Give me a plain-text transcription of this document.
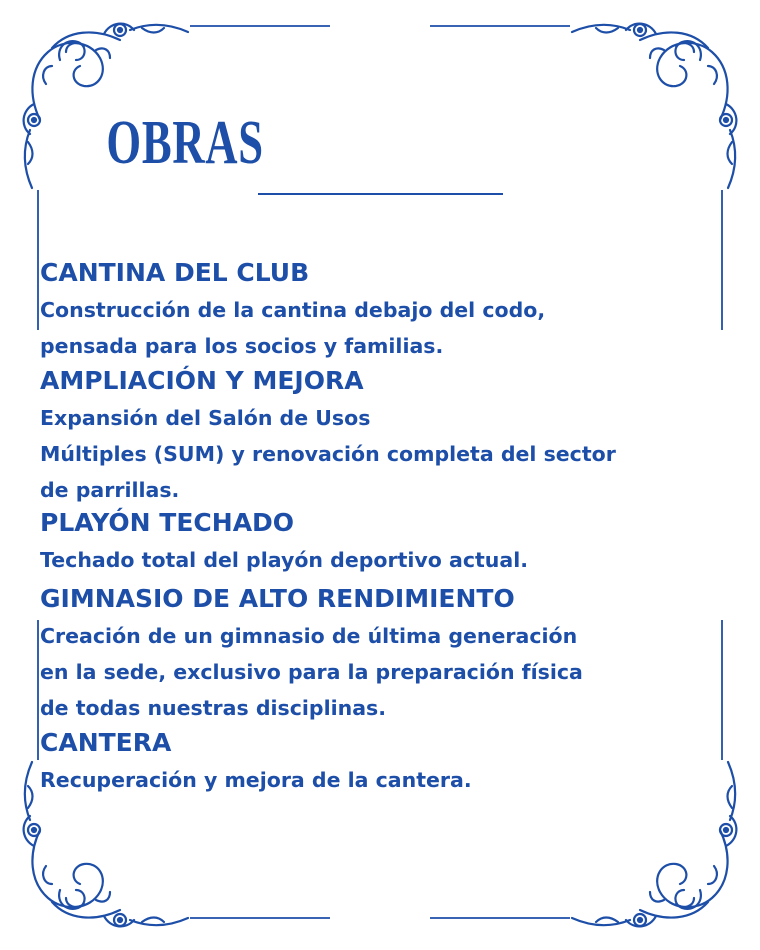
OBRAS
CANTINA DEL CLUB
Construcción de la cantina debajo del codo,
pensada para los socios y familias.
AMPLIACIÓN Y MEJORA
Expansión del Salón de Usos
Múltiples (SUM) y renovación completa del sector
de parrillas.
PLAYÓN TECHADO
Techado total del playón deportivo actual.
GIMNASIO DE ALTO RENDIMIENTO
Creación de un gimnasio de última generación
en la sede, exclusivo para la preparación física
de todas nuestras disciplinas.
CANTERA
Recuperación y mejora de la cantera.
